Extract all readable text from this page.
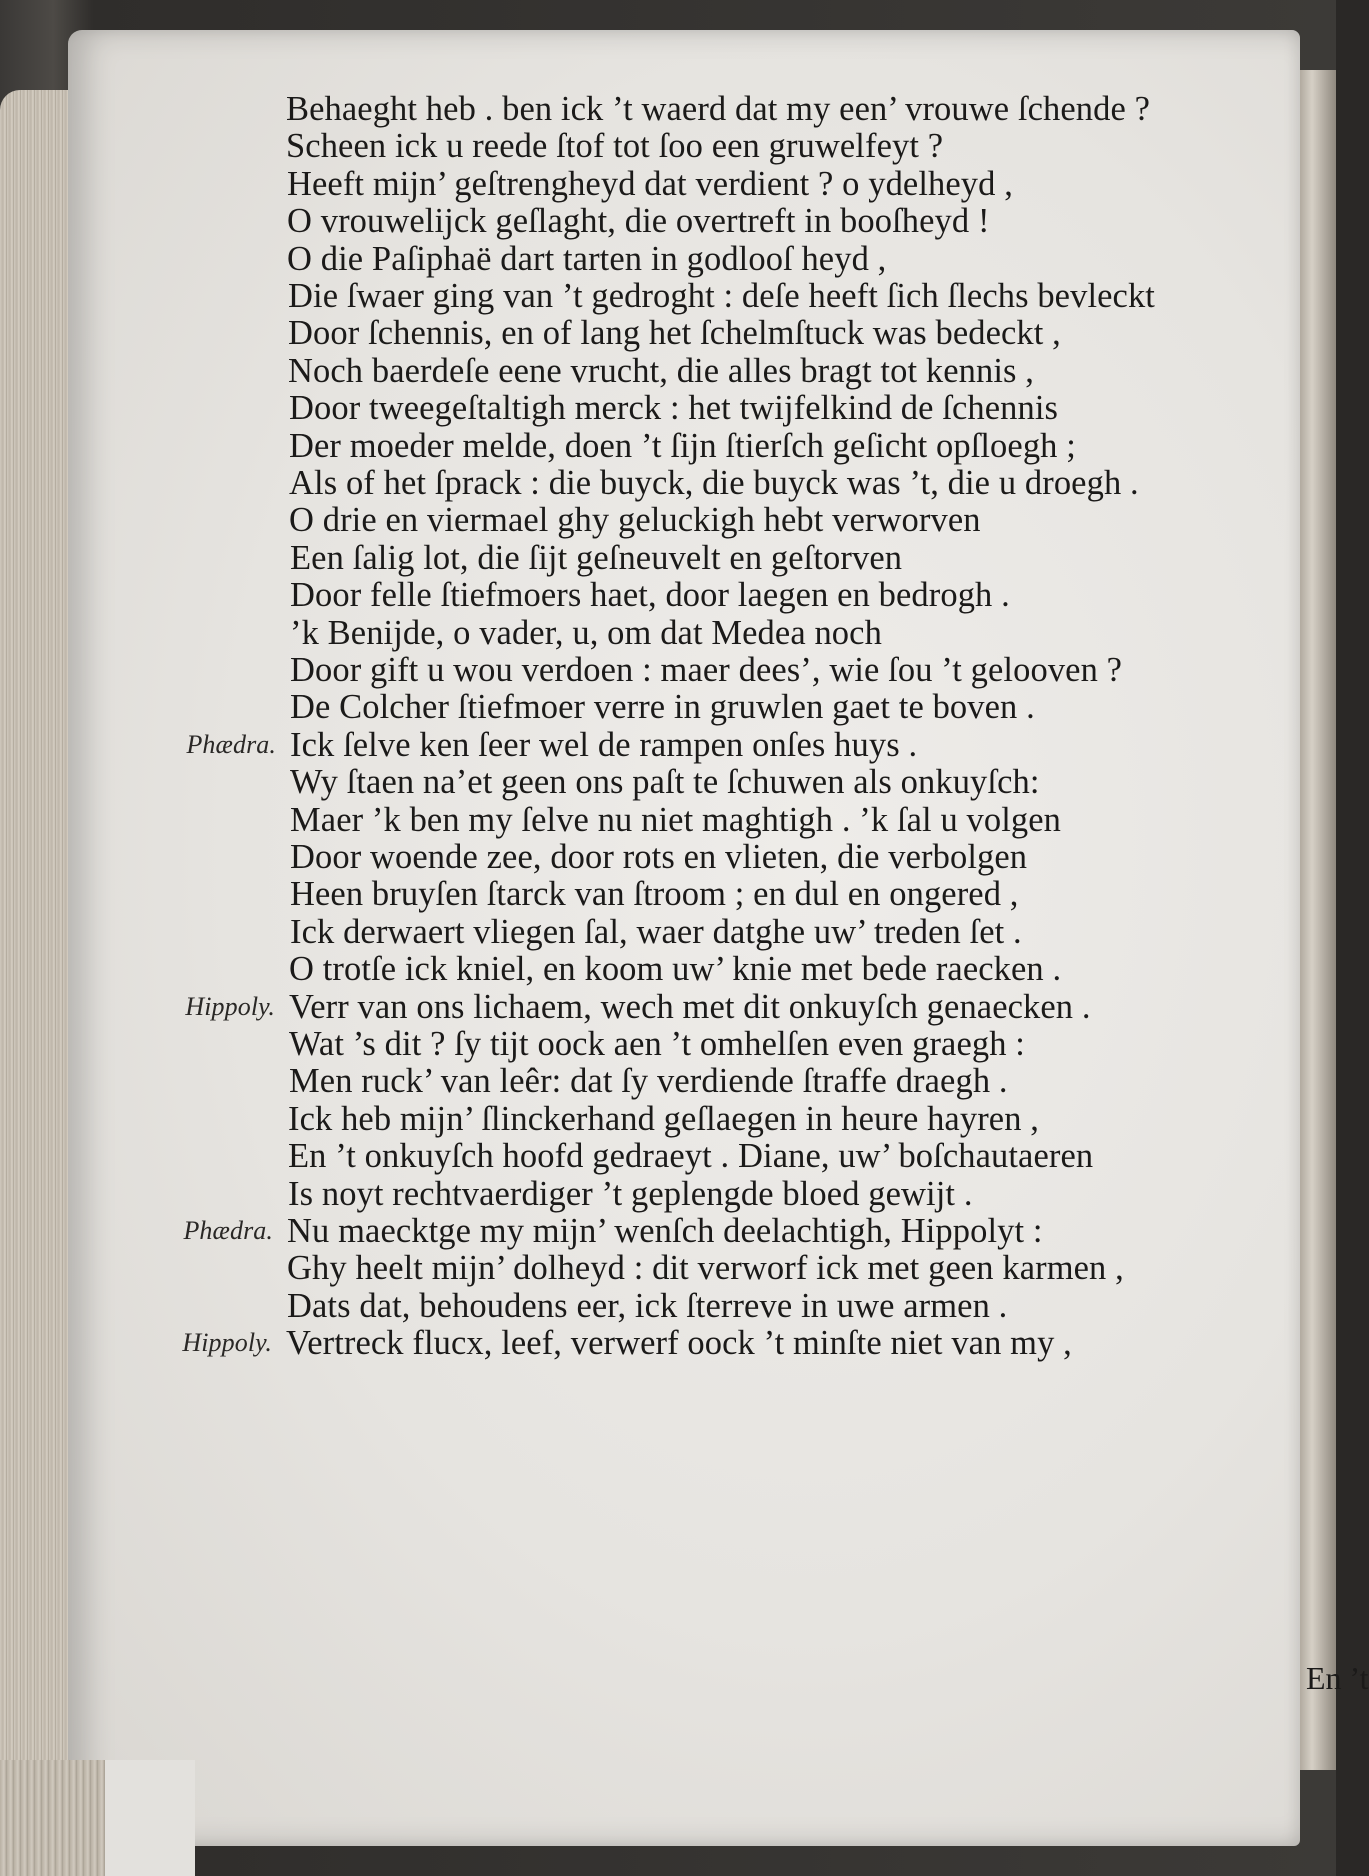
Behaeght heb . ben ick ’t waerd dat my een’ vrouwe ſchende ?
Scheen ick u reede ſtof tot ſoo een gruwelfeyt ?
Heeft mijn’ geſtrengheyd dat verdient ? o ydelheyd ,
O vrouwelijck geſlaght, die overtreft in booſheyd !
O die Paſiphaë dart tarten in godlooſ heyd ,
Die ſwaer ging van ’t gedroght : deſe heeft ſich ſlechs bevleckt
Door ſchennis, en of lang het ſchelmſtuck was bedeckt ,
Noch baerdeſe eene vrucht, die alles bragt tot kennis ,
Door tweegeſtaltigh merck : het twijfelkind de ſchennis
Der moeder melde, doen ’t ſijn ſtierſch geſicht opſloegh ;
Als of het ſprack : die buyck, die buyck was ’t, die u droegh .
O drie en viermael ghy geluckigh hebt verworven
Een ſalig lot, die ſijt geſneuvelt en geſtorven
Door felle ſtiefmoers haet, door laegen en bedrogh .
’k Benijde, o vader, u, om dat Medea noch
Door gift u wou verdoen : maer dees’, wie ſou ’t gelooven ?
De Colcher ſtiefmoer verre in gruwlen gaet te boven .
Phædra. Ick ſelve ken ſeer wel de rampen onſes huys .
Wy ſtaen na’et geen ons paſt te ſchuwen als onkuyſch:
Maer ’k ben my ſelve nu niet maghtigh . ’k ſal u volgen
Door woende zee, door rots en vlieten, die verbolgen
Heen bruyſen ſtarck van ſtroom ; en dul en ongered ,
Ick derwaert vliegen ſal, waer datghe uw’ treden ſet .
O trotſe ick kniel, en koom uw’ knie met bede raecken .
Hippoly. Verr van ons lichaem, wech met dit onkuyſch genaecken .
Wat ’s dit ? ſy tijt oock aen ’t omhelſen even graegh :
Men ruck’ van leêr: dat ſy verdiende ſtraffe draegh .
Ick heb mijn’ ſlinckerhand geſlaegen in heure hayren ,
En ’t onkuyſch hoofd gedraeyt . Diane, uw’ boſchautaeren
Is noyt rechtvaerdiger ’t geplengde bloed gewijt .
Phædra. Nu maecktge my mijn’ wenſch deelachtigh, Hippolyt :
Ghy heelt mijn’ dolheyd : dit verworf ick met geen karmen ,
Dats dat, behoudens eer, ick ſterreve in uwe armen .
Hippoly. Vertreck flucx, leef, verwerf oock ’t minſte niet van my ,
En ’t
